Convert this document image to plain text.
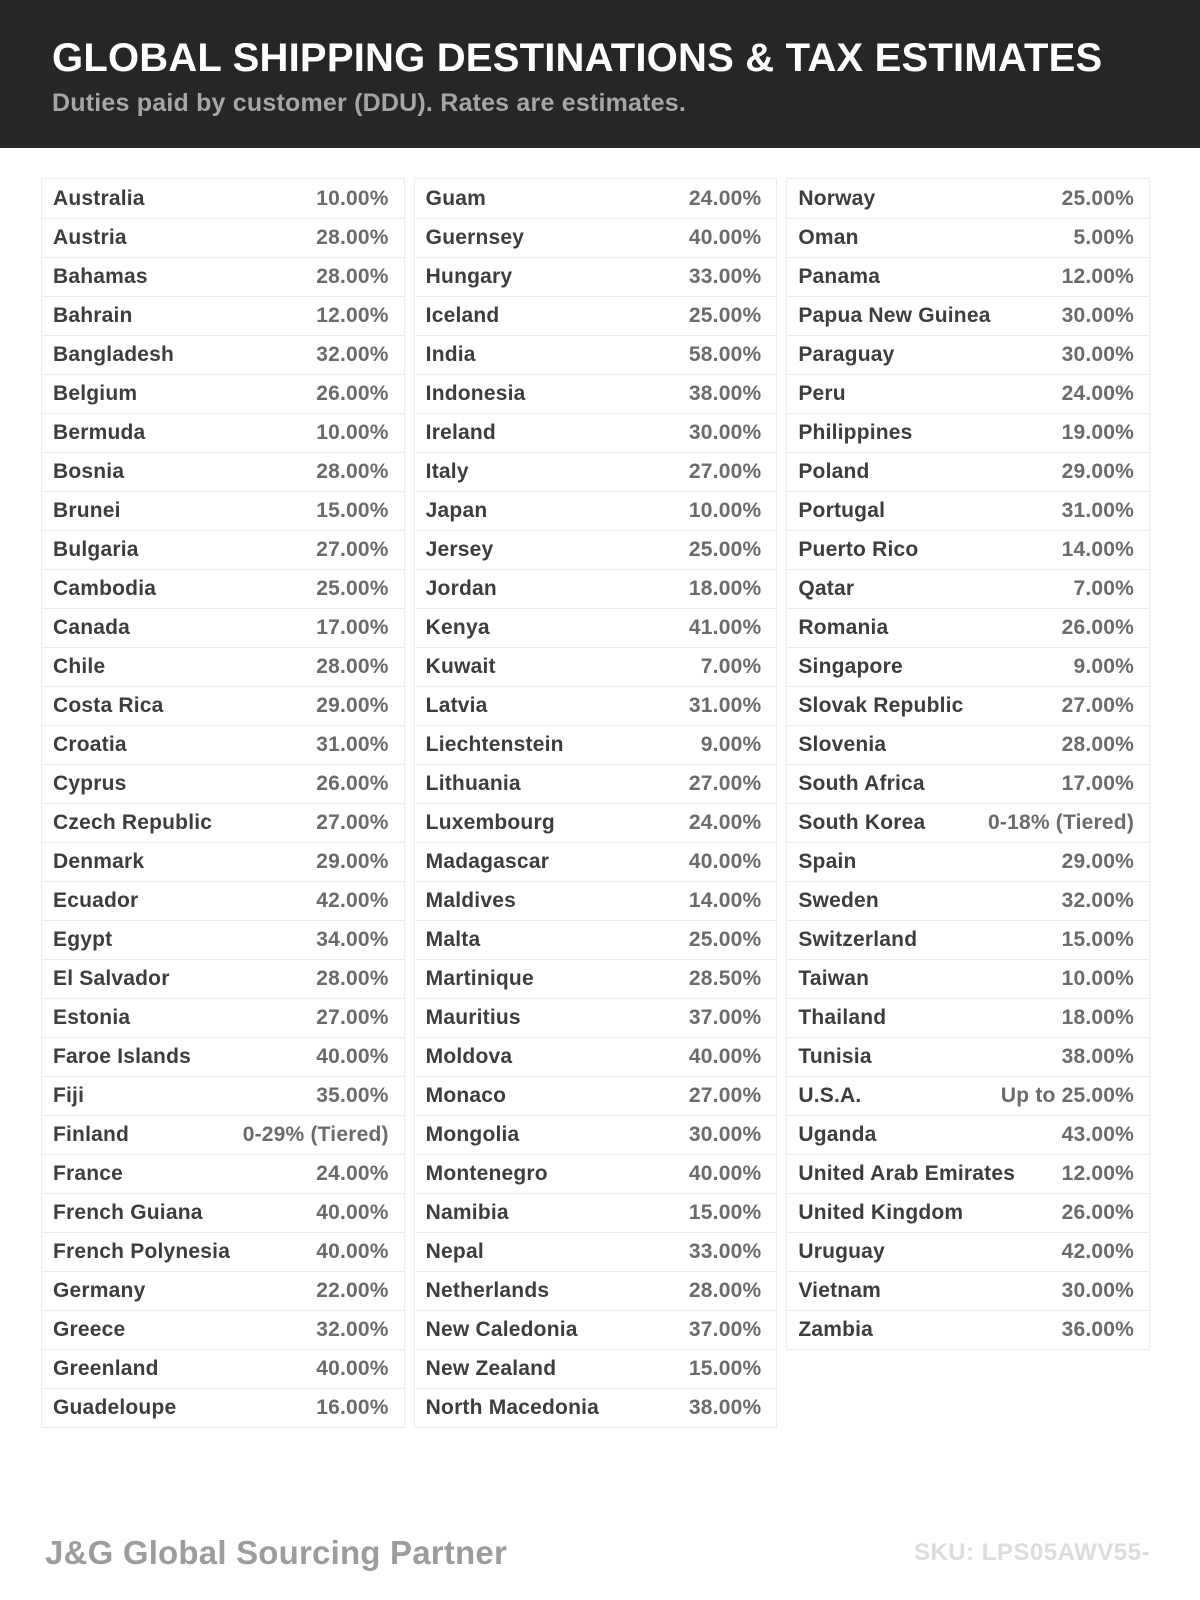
GLOBAL SHIPPING DESTINATIONS & TAX ESTIMATES
Duties paid by customer (DDU). Rates are estimates.
Australia	10.00%
Austria	28.00%
Bahamas	28.00%
Bahrain	12.00%
Bangladesh	32.00%
Belgium	26.00%
Bermuda	10.00%
Bosnia	28.00%
Brunei	15.00%
Bulgaria	27.00%
Cambodia	25.00%
Canada	17.00%
Chile	28.00%
Costa Rica	29.00%
Croatia	31.00%
Cyprus	26.00%
Czech Republic	27.00%
Denmark	29.00%
Ecuador	42.00%
Egypt	34.00%
El Salvador	28.00%
Estonia	27.00%
Faroe Islands	40.00%
Fiji	35.00%
Finland	0-29% (Tiered)
France	24.00%
French Guiana	40.00%
French Polynesia	40.00%
Germany	22.00%
Greece	32.00%
Greenland	40.00%
Guadeloupe	16.00%
Guam	24.00%
Guernsey	40.00%
Hungary	33.00%
Iceland	25.00%
India	58.00%
Indonesia	38.00%
Ireland	30.00%
Italy	27.00%
Japan	10.00%
Jersey	25.00%
Jordan	18.00%
Kenya	41.00%
Kuwait	7.00%
Latvia	31.00%
Liechtenstein	9.00%
Lithuania	27.00%
Luxembourg	24.00%
Madagascar	40.00%
Maldives	14.00%
Malta	25.00%
Martinique	28.50%
Mauritius	37.00%
Moldova	40.00%
Monaco	27.00%
Mongolia	30.00%
Montenegro	40.00%
Namibia	15.00%
Nepal	33.00%
Netherlands	28.00%
New Caledonia	37.00%
New Zealand	15.00%
North Macedonia	38.00%
Norway	25.00%
Oman	5.00%
Panama	12.00%
Papua New Guinea	30.00%
Paraguay	30.00%
Peru	24.00%
Philippines	19.00%
Poland	29.00%
Portugal	31.00%
Puerto Rico	14.00%
Qatar	7.00%
Romania	26.00%
Singapore	9.00%
Slovak Republic	27.00%
Slovenia	28.00%
South Africa	17.00%
South Korea	0-18% (Tiered)
Spain	29.00%
Sweden	32.00%
Switzerland	15.00%
Taiwan	10.00%
Thailand	18.00%
Tunisia	38.00%
U.S.A.	Up to 25.00%
Uganda	43.00%
United Arab Emirates 12.00%
United Kingdom	26.00%
Uruguay	42.00%
Vietnam	30.00%
Zambia	36.00%
J&G Global Sourcing Partner	SKU: LPS05AWV55-
